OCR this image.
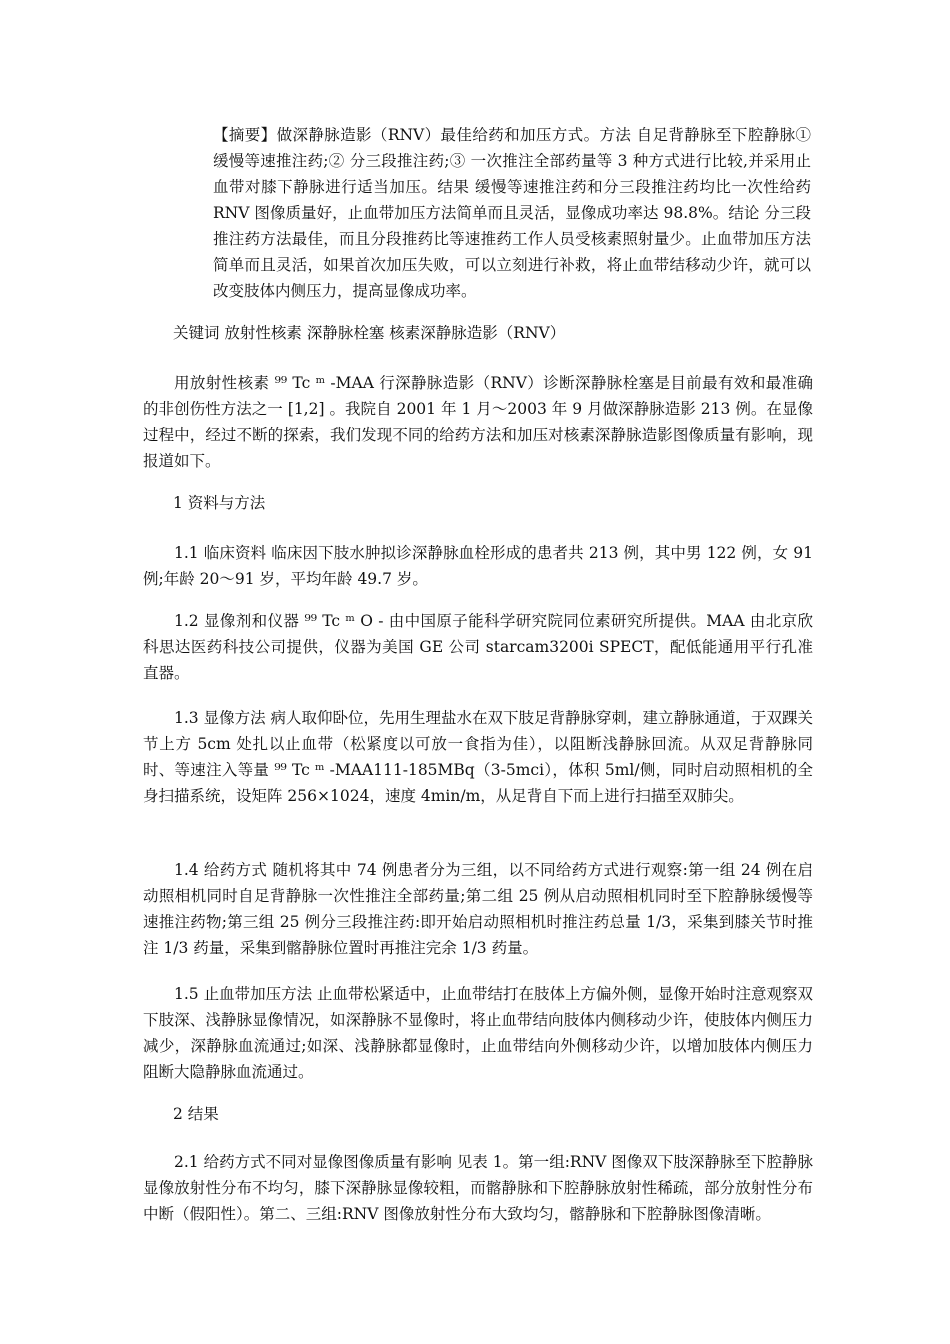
【摘要】做深静脉造影（RNV）最佳给药和加压方式。方法 自足背静脉至下腔静脉①缓慢等速推注药;② 分三段推注药;③ 一次推注全部药量等 3 种方式进行比较,并采用止血带对膝下静脉进行适当加压。结果 缓慢等速推注药和分三段推注药均比一次性给药 RNV 图像质量好，止血带加压方法简单而且灵活，显像成功率达 98.8%。结论 分三段推注药方法最佳，而且分段推药比等速推药工作人员受核素照射量少。止血带加压方法简单而且灵活，如果首次加压失败，可以立刻进行补救，将止血带结移动少许，就可以改变肢体内侧压力，提高显像成功率。
关键词 放射性核素 深静脉栓塞 核素深静脉造影（RNV）

用放射性核素 ⁹⁹ Tc ᵐ -MAA 行深静脉造影（RNV）诊断深静脉栓塞是目前最有效和最准确的非创伤性方法之一 [1,2] 。我院自 2001 年 1 月～2003 年 9 月做深静脉造影 213 例。在显像过程中，经过不断的探索，我们发现不同的给药方法和加压对核素深静脉造影图像质量有影响，现报道如下。

1 资料与方法

1.1 临床资料 临床因下肢水肿拟诊深静脉血栓形成的患者共 213 例，其中男 122 例，女 91 例;年龄 20～91 岁，平均年龄 49.7 岁。

1.2 显像剂和仪器 ⁹⁹ Tc ᵐ O - 由中国原子能科学研究院同位素研究所提供。MAA 由北京欣科思达医药科技公司提供，仪器为美国 GE 公司 starcam3200i SPECT，配低能通用平行孔准直器。

1.3 显像方法 病人取仰卧位，先用生理盐水在双下肢足背静脉穿刺，建立静脉通道，于双踝关节上方 5cm 处扎以止血带（松紧度以可放一食指为佳），以阻断浅静脉回流。从双足背静脉同时、等速注入等量 ⁹⁹ Tc ᵐ -MAA111-185MBq（3-5mci），体积 5ml/侧，同时启动照相机的全身扫描系统，设矩阵 256×1024，速度 4min/m，从足背自下而上进行扫描至双肺尖。

1.4 给药方式 随机将其中 74 例患者分为三组，以不同给药方式进行观察:第一组 24 例在启动照相机同时自足背静脉一次性推注全部药量;第二组 25 例从启动照相机同时至下腔静脉缓慢等速推注药物;第三组 25 例分三段推注药:即开始启动照相机时推注药总量 1/3，采集到膝关节时推注 1/3 药量，采集到髂静脉位置时再推注完余 1/3 药量。

1.5 止血带加压方法 止血带松紧适中，止血带结打在肢体上方偏外侧，显像开始时注意观察双下肢深、浅静脉显像情况，如深静脉不显像时，将止血带结向肢体内侧移动少许，使肢体内侧压力减少，深静脉血流通过;如深、浅静脉都显像时，止血带结向外侧移动少许，以增加肢体内侧压力阻断大隐静脉血流通过。

2 结果

2.1 给药方式不同对显像图像质量有影响 见表 1。第一组:RNV 图像双下肢深静脉至下腔静脉显像放射性分布不均匀，膝下深静脉显像较粗，而髂静脉和下腔静脉放射性稀疏，部分放射性分布中断（假阳性）。第二、三组:RNV 图像放射性分布大致均匀，髂静脉和下腔静脉图像清晰。
